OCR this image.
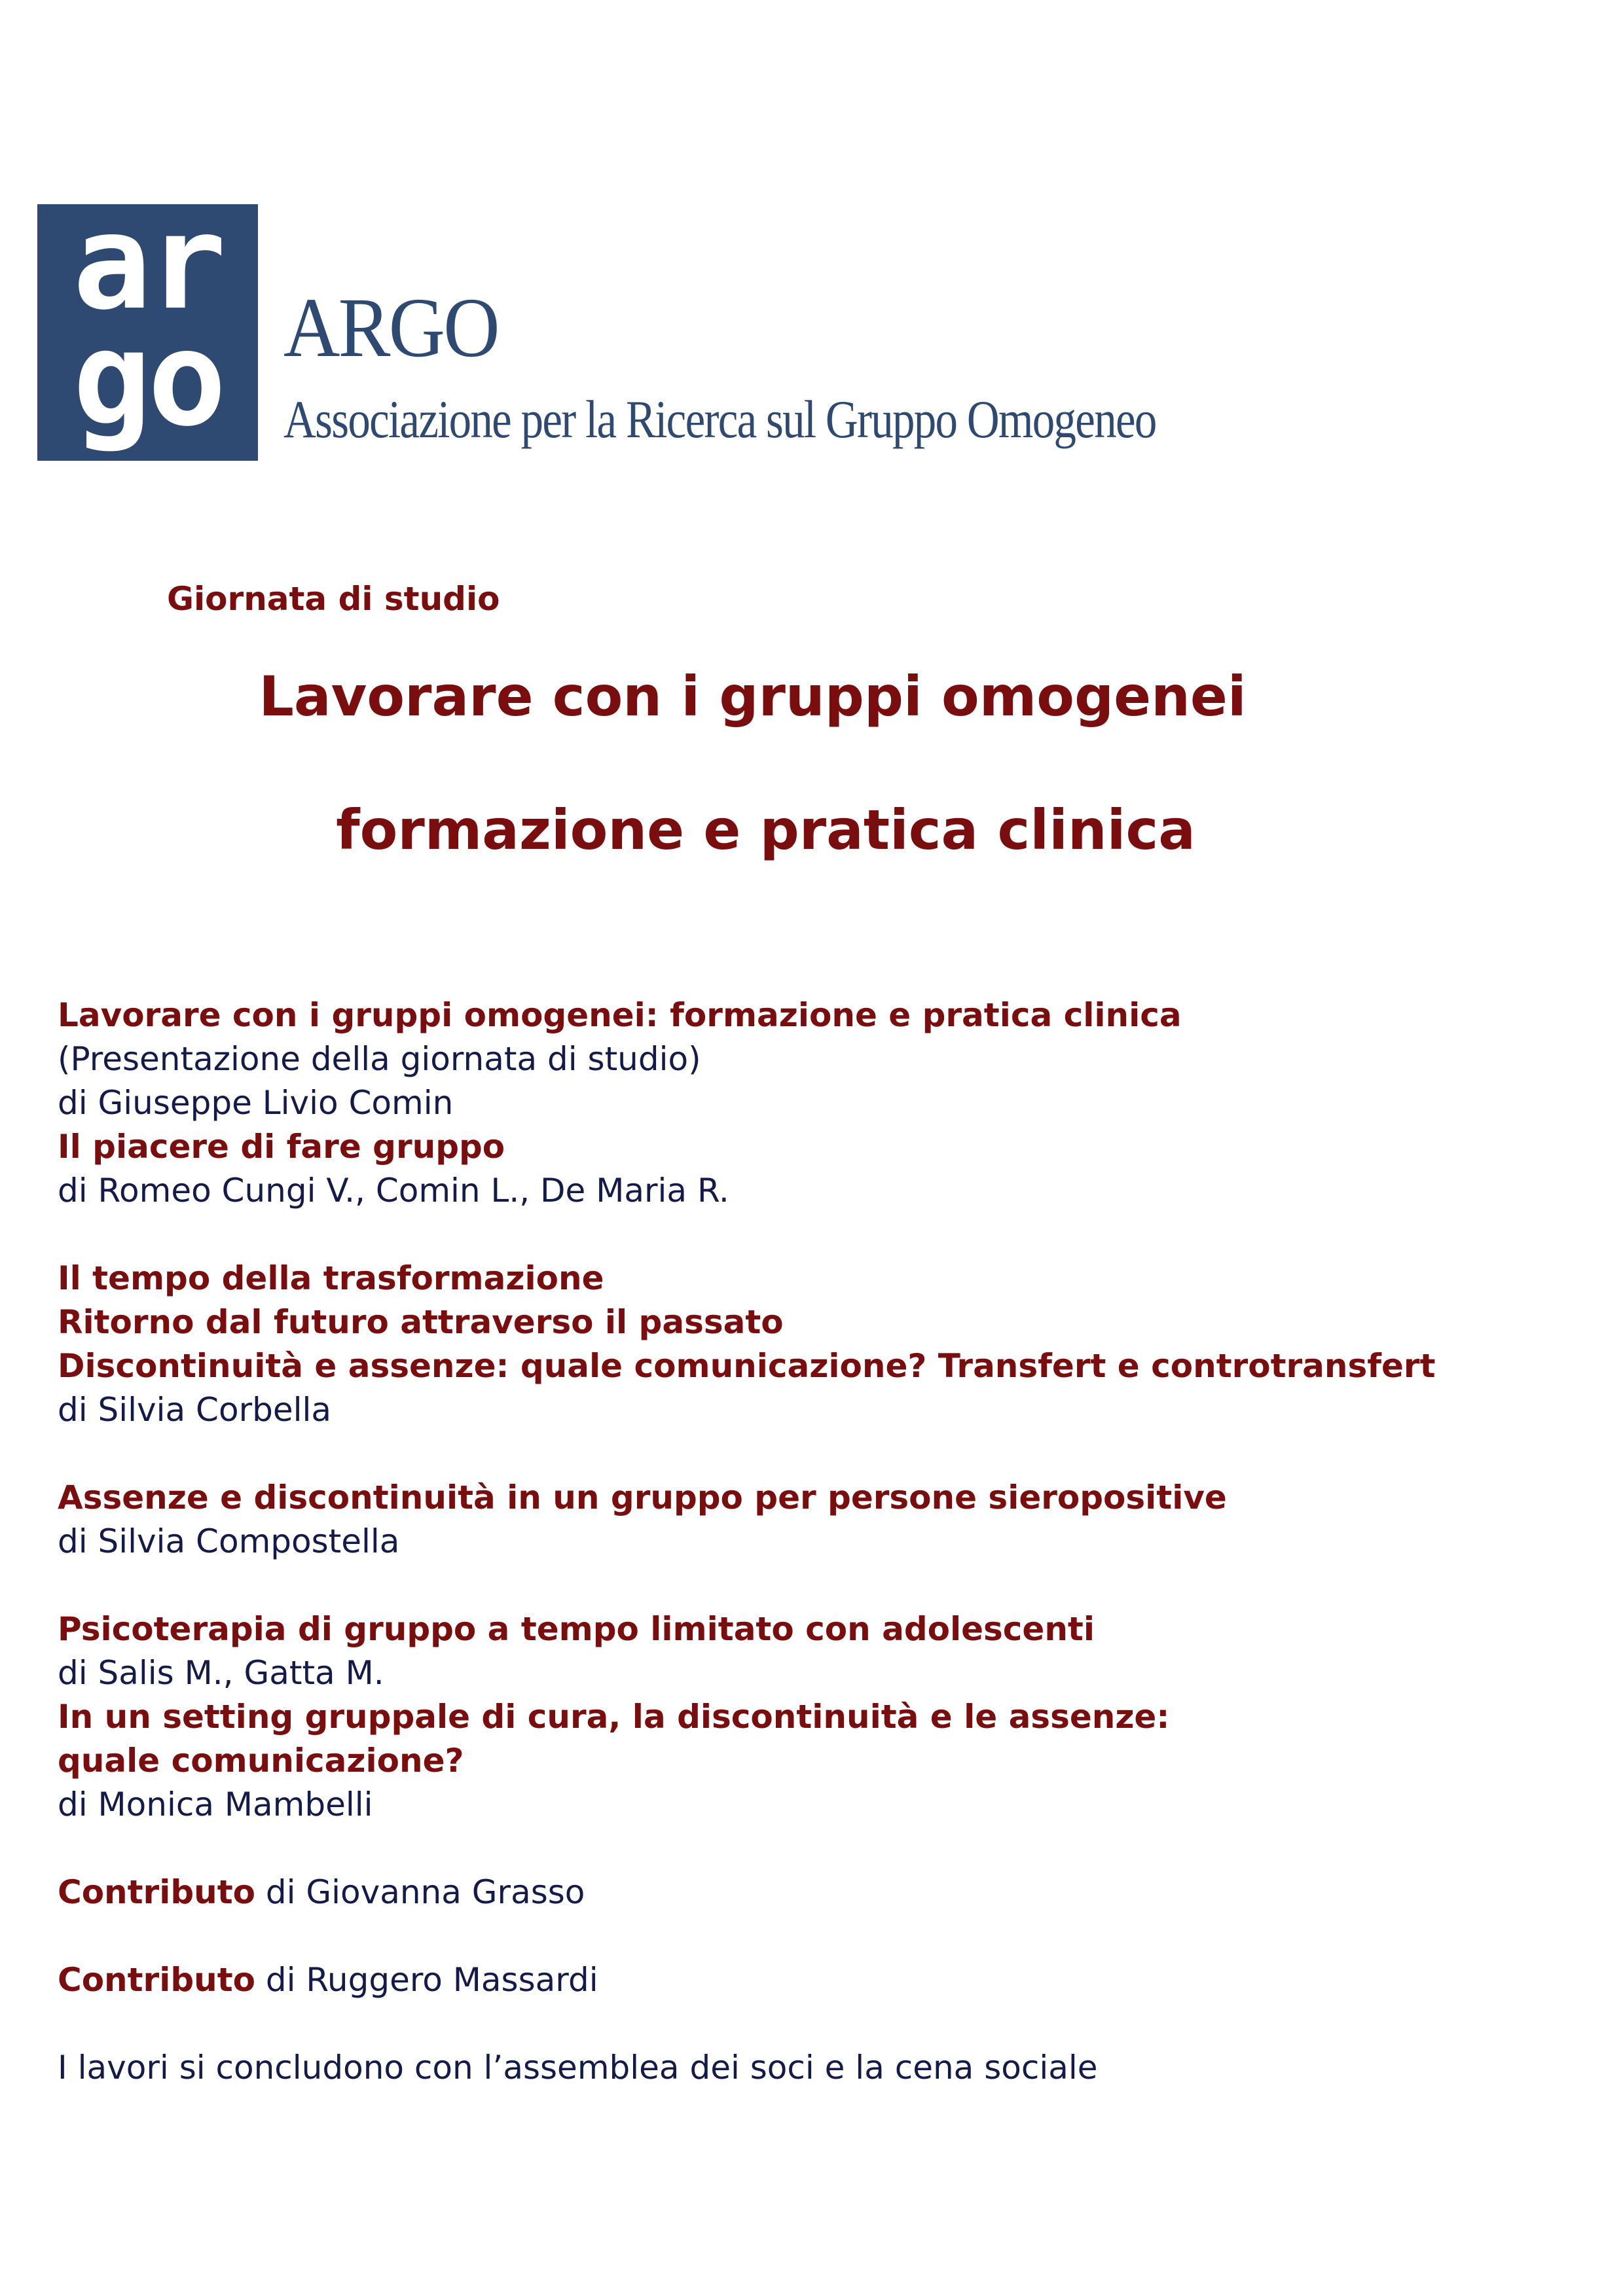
ar
go ARGO
Associazione per la Ricerca sul Gruppo Omogeneo
Giornata di studio
Lavorare con i gruppi omogenei
formazione e pratica clinica
Lavorare con i gruppi omogenei: formazione e pratica clinica
(Presentazione della giornata di studio)
di Giuseppe Livio Comin
Il piacere di fare gruppo
di Romeo Cungi V., Comin L., De Maria R.
Il tempo della trasformazione
Ritorno dal futuro attraverso il passato
Discontinuità e assenze: quale comunicazione? Transfert e controtransfert
di Silvia Corbella
Assenze e discontinuità in un gruppo per persone sieropositive
di Silvia Compostella
Psicoterapia di gruppo a tempo limitato con adolescenti
di Salis M., Gatta M.
In un setting gruppale di cura, la discontinuità e le assenze:
quale comunicazione?
di Monica Mambelli
Contributo di Giovanna Grasso
Contributo di Ruggero Massardi
I lavori si concludono con l’assemblea dei soci e la cena sociale
